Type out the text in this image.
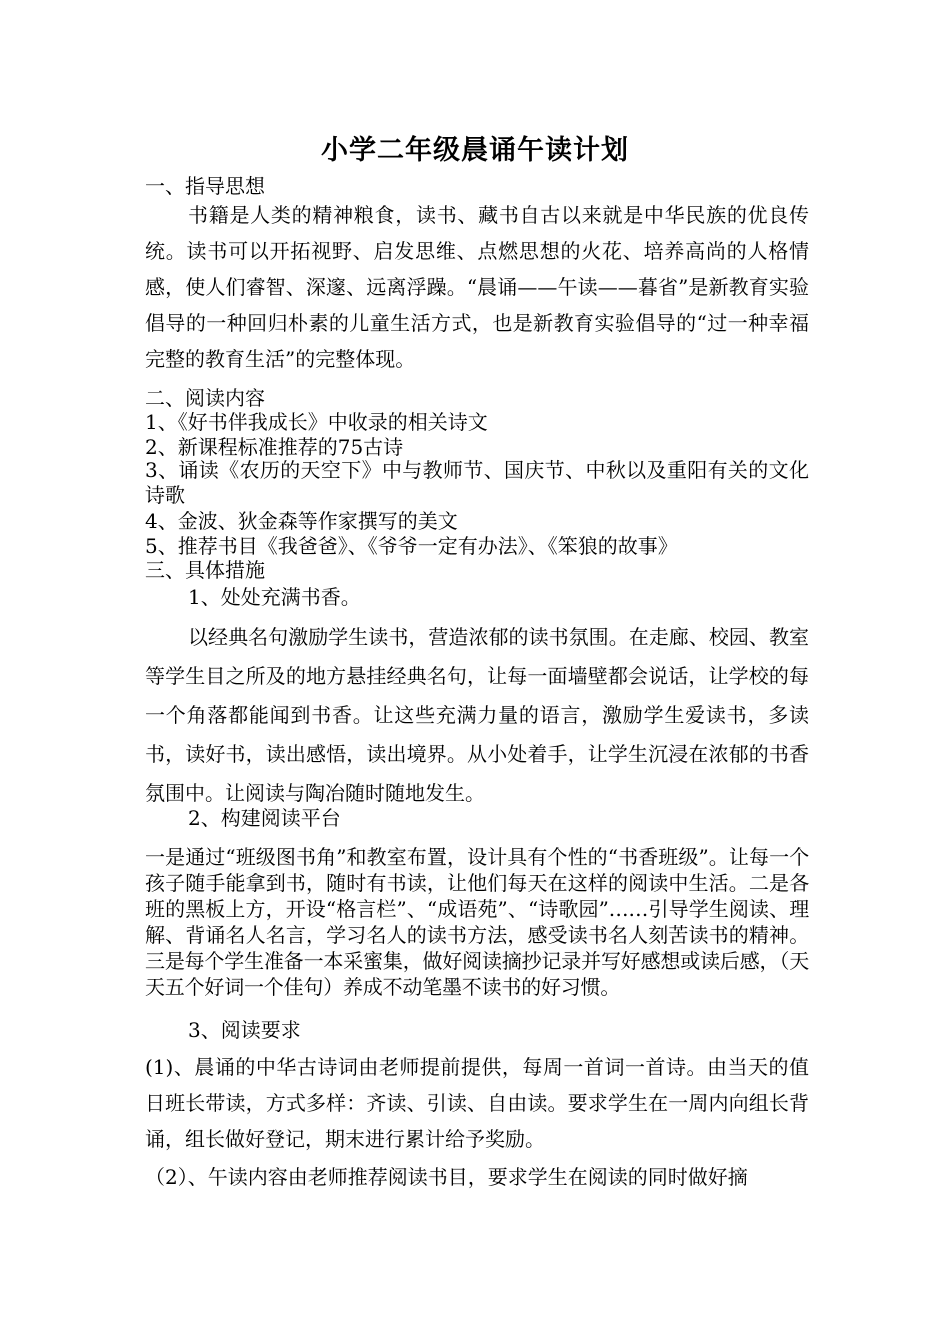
小学二年级晨诵午读计划
一、指导思想
书籍是人类的精神粮食，读书、藏书自古以来就是中华民族的优良传统。读书可以开拓视野、启发思维、点燃思想的火花、培养高尚的人格情感，使人们睿智、深邃、远离浮躁。“晨诵——午读——暮省”是新教育实验倡导的一种回归朴素的儿童生活方式，也是新教育实验倡导的“过一种幸福完整的教育生活”的完整体现。
二、阅读内容
1、《好书伴我成长》中收录的相关诗文
2、新课程标准推荐的75古诗
3、诵读《农历的天空下》中与教师节、国庆节、中秋以及重阳有关的文化诗歌
4、金波、狄金森等作家撰写的美文
5、推荐书目《我爸爸》、《爷爷一定有办法》、《笨狼的故事》
三、具体措施
1、处处充满书香。
以经典名句激励学生读书，营造浓郁的读书氛围。在走廊、校园、教室等学生目之所及的地方悬挂经典名句，让每一面墙壁都会说话，让学校的每一个角落都能闻到书香。让这些充满力量的语言，激励学生爱读书，多读书，读好书，读出感悟，读出境界。从小处着手，让学生沉浸在浓郁的书香氛围中。让阅读与陶冶随时随地发生。
2、构建阅读平台
一是通过“班级图书角”和教室布置，设计具有个性的“书香班级”。让每一个孩子随手能拿到书，随时有书读，让他们每天在这样的阅读中生活。二是各班的黑板上方，开设“格言栏”、“成语苑”、“诗歌园”……引导学生阅读、理解、背诵名人名言，学习名人的读书方法，感受读书名人刻苦读书的精神。三是每个学生准备一本采蜜集，做好阅读摘抄记录并写好感想或读后感，（天天五个好词一个佳句）养成不动笔墨不读书的好习惯。
3、阅读要求
(1)、晨诵的中华古诗词由老师提前提供，每周一首词一首诗。由当天的值日班长带读，方式多样：齐读、引读、自由读。要求学生在一周内向组长背诵，组长做好登记，期末进行累计给予奖励。
（2）、午读内容由老师推荐阅读书目，要求学生在阅读的同时做好摘
